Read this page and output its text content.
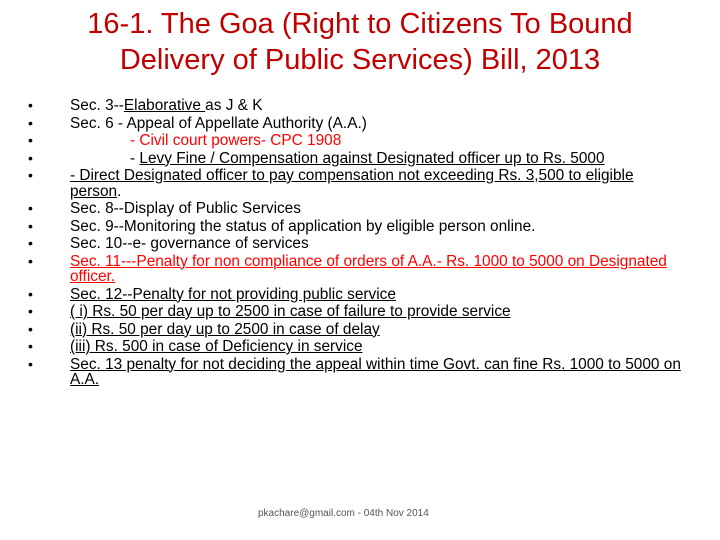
16-1. The Goa (Right to Citizens To Bound
Delivery of Public Services) Bill, 2013
•	Sec. 3--Elaborative as J & K
•	Sec. 6 - Appeal of Appellate Authority (A.A.)
•	- Civil court powers- CPC 1908
•	- Levy Fine / Compensation against Designated officer up to Rs. 5000
•	- Direct Designated officer to pay compensation not exceeding Rs. 3,500 to eligible person.
•	Sec. 8--Display of Public Services
•	Sec. 9--Monitoring the status of application by eligible person online.
•	Sec. 10--e- governance of services
•	Sec. 11---Penalty for non compliance of orders of A.A.- Rs. 1000 to 5000 on Designated officer.
•	Sec. 12--Penalty for not providing public service
•	( i) Rs. 50 per day up to 2500 in case of failure to provide service
•	(ii) Rs. 50 per day up to 2500 in case of delay
•	(iii) Rs. 500 in case of Deficiency in service
•	Sec. 13 penalty for not deciding the appeal within time Govt. can fine Rs. 1000 to 5000 on A.A.
pkachare@gmail.com - 04th Nov 2014
